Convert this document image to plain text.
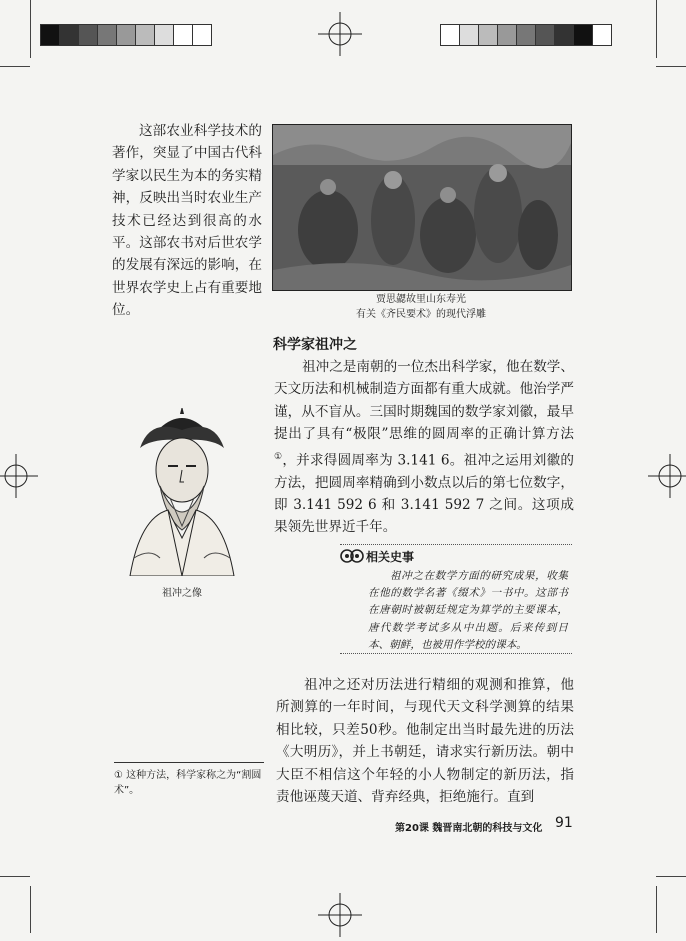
这部农业科学技术的著作，突显了中国古代科学家以民生为本的务实精神，反映出当时农业生产技术已经达到很高的水平。这部农书对后世农学的发展有深远的影响，在世界农学史上占有重要地位。

贾思勰故里山东寿光
有关《齐民要术》的现代浮雕
科学家祖冲之

祖冲之是南朝的一位杰出科学家，他在数学、天文历法和机械制造方面都有重大成就。他治学严谨，从不盲从。三国时期魏国的数学家刘徽，最早提出了具有“极限”思维的圆周率的正确计算方法①，并求得圆周率为 3.141 6。祖冲之运用刘徽的方法，把圆周率精确到小数点以后的第七位数字，即 3.141 592 6 和 3.141 592 7 之间。这项成果领先世界近千年。

祖冲之像
相关史事

祖冲之在数学方面的研究成果，收集在他的数学名著《缀术》一书中。这部书在唐朝时被朝廷规定为算学的主要课本，唐代数学考试多从中出题。后来传到日本、朝鲜，也被用作学校的课本。

祖冲之还对历法进行精细的观测和推算，他所测算的一年时间，与现代天文科学测算的结果相比较，只差50秒。他制定出当时最先进的历法《大明历》，并上书朝廷，请求实行新历法。朝中大臣不相信这个年轻的小人物制定的新历法，指责他诬蔑天道、背弃经典，拒绝施行。直到

① 这种方法，科学家称之为“割圆术”。
第20课 魏晋南北朝的科技与文化 91
